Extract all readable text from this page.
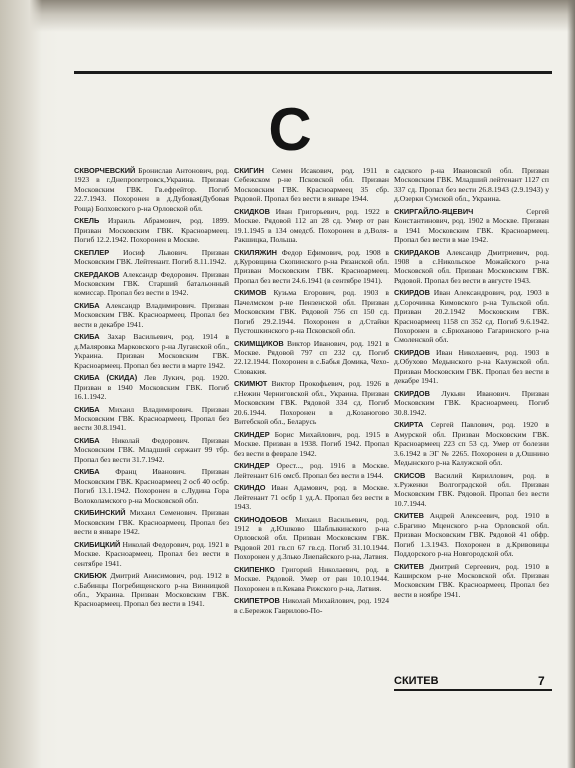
С
СКВОРЧЕВСКИЙ Бронислав Антонович, род. 1923 в г.Днепропетровск,Украина. Призван Московским ГВК. Гв.ефрейтор. Погиб 22.7.1943. Похоронен в д.Дубовая(Дубовая Роща) Болховского р-на Орловской обл.
СКЕЛЬ Израиль Абрамович, род. 1899. Призван Московским ГВК. Красноармеец. Погиб 12.2.1942. Похоронен в Москве.
СКЕПЛЕР Иосиф Львович. Призван Московским ГВК. Лейтенант. Погиб 8.11.1942.
СКЕРДАКОВ Александр Федорович. Призван Московским ГВК. Старший батальонный комиссар. Пропал без вести в 1942.
СКИБА Александр Владимирович. Призван Московским ГВК. Красноармеец. Пропал без вести в декабре 1941.
СКИБА Захар Васильевич, род. 1914 в д.Маляровка Марковского р-на Луганской обл., Украина. Призван Московским ГВК. Красноармеец. Пропал без вести в марте 1942.
СКИБА (СКИДА) Лев Лукич, род. 1920. Призван в 1940 Московским ГВК. Погиб 16.1.1942.
СКИБА Михаил Владимирович. Призван Московским ГВК. Красноармеец. Пропал без вести 30.8.1941.
СКИБА Николай Федорович. Призван Московским ГВК. Младший сержант 99 тбр. Пропал без вести 31.7.1942.
СКИБА Франц Иванович. Призван Московским ГВК. Красноармеец 2 осб 40 осбр. Погиб 13.1.1942. Похоронен в с.Лудина Гора Волоколамского р-на Московской обл.
СКИБИНСКИЙ Михаил Семенович. Призван Московским ГВК. Красноармеец. Пропал без вести в январе 1942.
СКИБИЦКИЙ Николай Федорович, род. 1921 в Москве. Красноармеец. Пропал без вести в сентябре 1941.
СКИБЮК Дмитрий Анисимович, род. 1912 в с.Бабинцы Погребищенского р-на Винницкой обл., Украина. Призван Московским ГВК. Красноармеец. Пропал без вести в 1941.
СКИГИН Семен Исакович, род. 1911 в Себежском р-не Псковской обл. Призван Московским ГВК. Красноармеец 35 сбр. Рядовой. Пропал без вести в январе 1944.
СКИДКОВ Иван Григорьевич, род. 1922 в Москве. Рядовой 112 ап 28 сд. Умер от ран 19.1.1945 в 134 омедсб. Похоронен в д.Воля-Ракшицка, Польша.
СКИЛЯЖИН Федор Ефимович, род. 1908 в д.Куровщина Скопинского р-на Рязанской обл. Призван Московским ГВК. Красноармеец. Пропал без вести 24.6.1941 (в сентябре 1941).
СКИМОВ Кузьма Егорович, род. 1903 в Пачелмском р-не Пензенской обл. Призван Московским ГВК. Рядовой 756 сп 150 сд. Погиб 29.2.1944. Похоронен в д.Стайки Пустошкинского р-на Псковской обл.
СКИМЩИКОВ Виктор Иванович, род. 1921 в Москве. Рядовой 797 сп 232 сд. Погиб 22.12.1944. Похоронен в с.Бабья Домика, Чехо-Словакия.
СКИМЮТ Виктор Прокофьевич, род. 1926 в г.Нежин Черниговской обл., Украина. Призван Московским ГВК. Рядовой 334 сд. Погиб 20.6.1944. Похоронен в д.Козаногово Витебской обл., Беларусь
СКИНДЕР Борис Михайлович, род. 1915 в Москве. Призван в 1938. Погиб 1942. Пропал без вести в феврале 1942.
СКИНДЕР Орест..., род. 1916 в Москве. Лейтенант 616 омсб. Пропал без вести в 1944.
СКИНДО Иван Адамович, род. в Москве. Лейтенант 71 осбр 1 уд.А. Пропал без вести в 1943.
СКИНОДОБОВ Михаил Васильевич, род. 1912 в д.Юшково Шаблыкинского р-на Орловской обл. Призван Московским ГВК. Рядовой 201 гв.сп 67 гв.сд. Погиб 31.10.1944. Похоронен у д.Злько Лиепайского р-на, Латвия.
СКИПЕНКО Григорий Николаевич, род. в Москве. Рядовой. Умер от ран 10.10.1944. Похоронен в п.Кекава Рижского р-на, Латвия.
СКИПЕТРОВ Николай Михайлович, род. 1924 в с.Бережок Гаврилово-По-
садского р-на Ивановской обл. Призван Московским ГВК. Младший лейтенант 1127 сп 337 сд. Пропал без вести 26.8.1943 (2.9.1943) у д.Озерки Сумской обл., Украина.
СКИРГАЙЛО-ЯЦЕВИЧ Сергей Константинович, род. 1902 в Москве. Призван в 1941 Московским ГВК. Красноармеец. Пропал без вести в мае 1942.
СКИРДАКОВ Александр Дмитриевич, род. 1908 в с.Никольское Можайского р-на Московской обл. Призван Московским ГВК. Рядовой. Пропал без вести в августе 1943.
СКИРДОВ Иван Александрович, род. 1903 в д.Сорочинка Кимовского р-на Тульской обл. Призван 20.2.1942 Московским ГВК. Красноармеец 1158 сп 352 сд. Погиб 9.6.1942. Похоронен в с.Брюханово Гагаринского р-на Смоленской обл.
СКИРДОВ Иван Николаевич, род. 1903 в д.Обухово Медынского р-на Калужской обл. Призван Московским ГВК. Пропал без вести в декабре 1941.
СКИРДОВ Лукьян Иванович. Призван Московским ГВК. Красноармеец. Погиб 30.8.1942.
СКИРТА Сергей Павлович, род. 1920 в Амурской обл. Призван Московским ГВК. Красноармеец 223 сп 53 сд. Умер от болезни 3.6.1942 в ЭГ № 2265. Похоронен в д.Ошнино Медынского р-на Калужской обл.
СКИСОВ Василий Кириллович, род. в х.Руженки Волгоградской обл. Призван Московским ГВК. Рядовой. Пропал без вести 10.7.1944.
СКИТЕВ Андрей Алексеевич, род. 1910 в с.Брагино Мценского р-на Орловской обл. Призван Московским ГВК. Рядовой 41 обфр. Погиб 1.3.1943. Похоронен в д.Кривовицы Поддорского р-на Новгородской обл.
СКИТЕВ Дмитрий Сергеевич, род. 1910 в Каширском р-не Московской обл. Призван Московским ГВК. Красноармеец. Пропал без вести в ноябре 1941.
СКИТЕВ	7
